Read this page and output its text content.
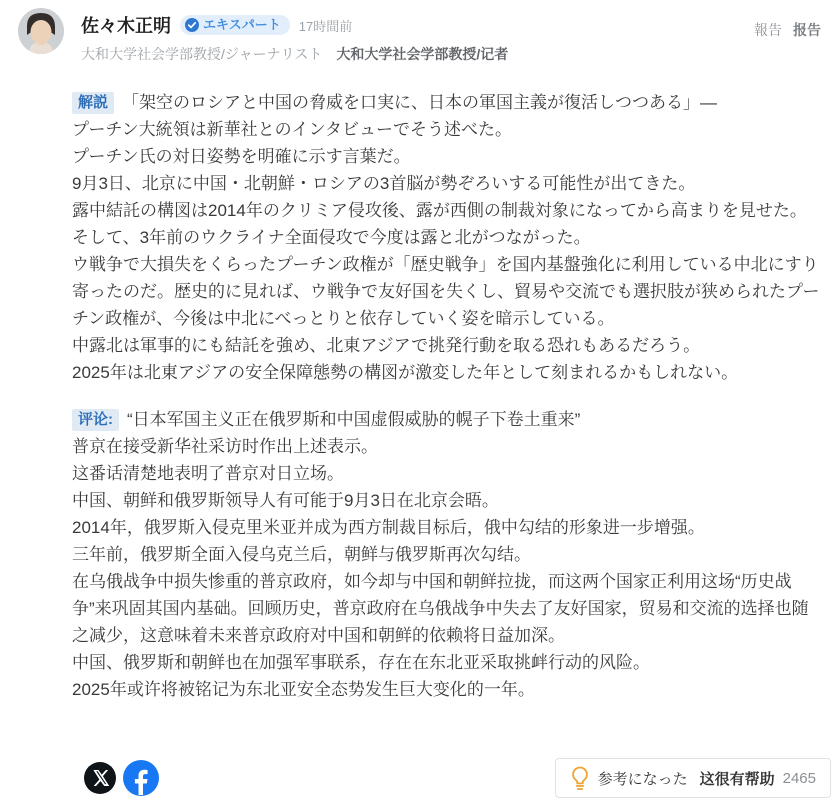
佐々木正明 エキスパート 17時間前
大和大学社会学部教授/ジャーナリスト 大和大学社会学部教授/记者
報告 报告

解説 「架空のロシアと中国の脅威を口実に、日本の軍国主義が復活しつつある」―

プーチン大統領は新華社とのインタビューでそう述べた。

プーチン氏の対日姿勢を明確に示す言葉だ。

9月3日、北京に中国・北朝鮮・ロシアの3首脳が勢ぞろいする可能性が出てきた。

露中結託の構図は2014年のクリミア侵攻後、露が西側の制裁対象になってから高まりを見せた。そして、3年前のウクライナ全面侵攻で今度は露と北がつながった。

ウ戦争で大損失をくらったプーチン政権が「歴史戦争」を国内基盤強化に利用している中北にすり寄ったのだ。歴史的に見れば、ウ戦争で友好国を失くし、貿易や交流でも選択肢が狭められたプーチン政権が、今後は中北にべっとりと依存していく姿を暗示している。

中露北は軍事的にも結託を強め、北東アジアで挑発行動を取る恐れもあるだろう。

2025年は北東アジアの安全保障態勢の構図が激変した年として刻まれるかもしれない。

评论: “日本军国主义正在俄罗斯和中国虚假威胁的幌子下卷土重来”

普京在接受新华社采访时作出上述表示。

这番话清楚地表明了普京对日立场。

中国、朝鲜和俄罗斯领导人有可能于9月3日在北京会晤。

2014年，俄罗斯入侵克里米亚并成为西方制裁目标后，俄中勾结的形象进一步增强。

三年前，俄罗斯全面入侵乌克兰后，朝鲜与俄罗斯再次勾结。

在乌俄战争中损失惨重的普京政府，如今却与中国和朝鲜拉拢，而这两个国家正利用这场“历史战争”来巩固其国内基础。回顾历史，普京政府在乌俄战争中失去了友好国家，贸易和交流的选择也随之减少，这意味着未来普京政府对中国和朝鲜的依赖将日益加深。

中国、俄罗斯和朝鲜也在加强军事联系，存在在东北亚采取挑衅行动的风险。

2025年或许将被铭记为东北亚安全态势发生巨大变化的一年。

参考になった 这很有帮助 2465
